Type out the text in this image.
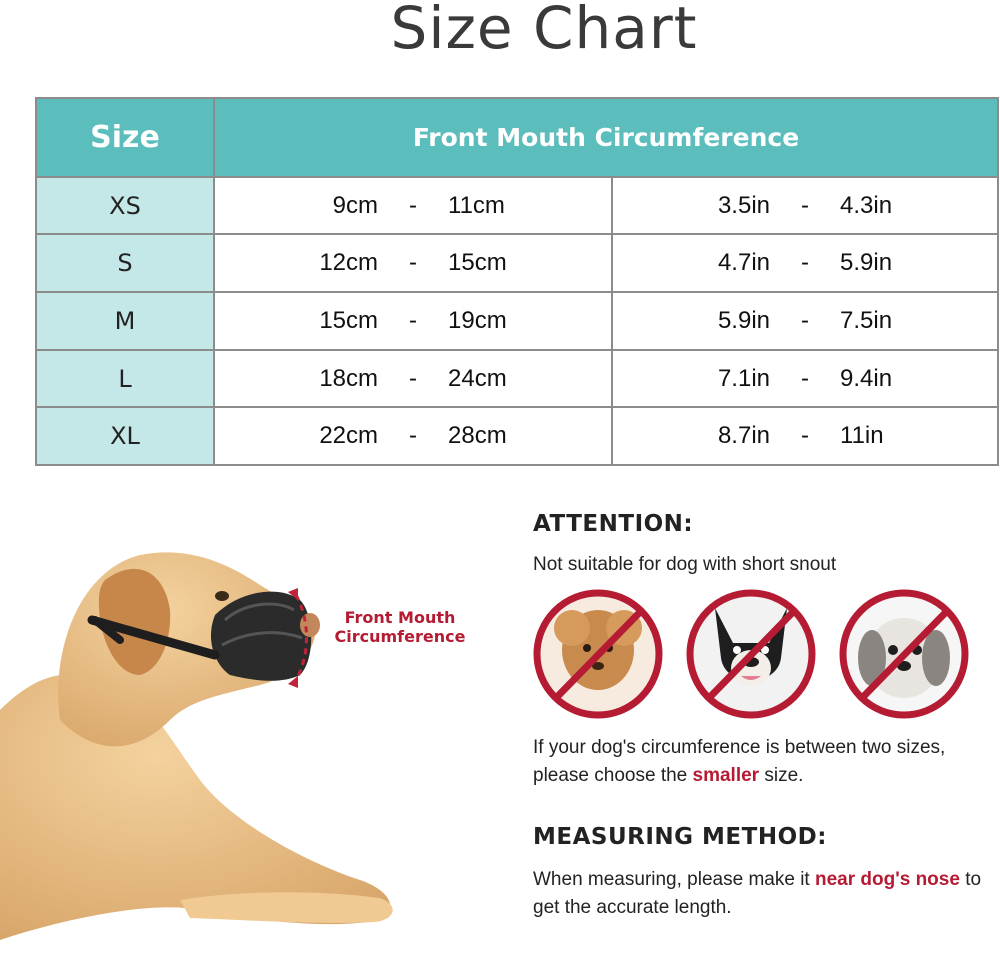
Size Chart
Size	Front Mouth Circumference	
XS	9cm - 11cm	3.5in - 4.3in

S	12cm - 15cm	4.7in - 5.9in

M	15cm - 19cm	5.9in - 7.5in

L	18cm - 24cm	7.1in - 9.4in

XL	22cm - 28cm	8.7in - 11in
Front Mouth Circumference
ATTENTION:
Not suitable for dog with short snout
If your dog's circumference is between two sizes, please choose the smaller size.
MEASURING METHOD:
When measuring, please make it near dog's nose to get the accurate length.
